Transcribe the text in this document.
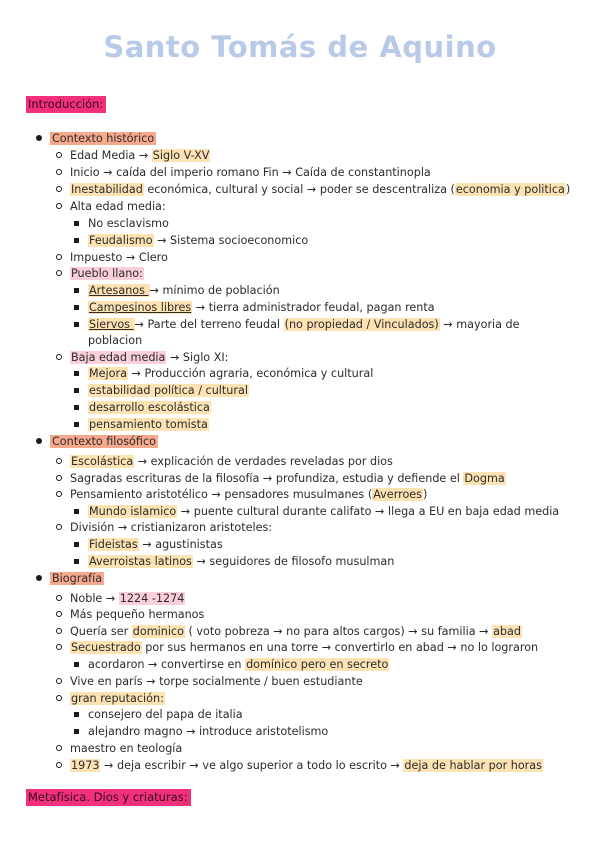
Santo Tomás de Aquino
Introducción:
Contexto histórico
Edad Media → Siglo V-XV
Inicio → caída del imperio romano Fin → Caída de constantinopla
Inestabilidad económica, cultural y social → poder se descentraliza (economia y politica)
Alta edad media:
No esclavismo
Feudalismo → Sistema socioeconomico
Impuesto → Clero
Pueblo llano:
Artesanos → mínimo de población
Campesinos libres → tierra administrador feudal, pagan renta
Siervos → Parte del terreno feudal (no propiedad / Vinculados) → mayoria de
poblacion
Baja edad media → Siglo XI:
Mejora → Producción agraria, económica y cultural
estabilidad política / cultural
desarrollo escolástica
pensamiento tomista
Contexto filosófico
Escolástica → explicación de verdades reveladas por dios
Sagradas escrituras de la filosofía → profundiza, estudia y defiende el Dogma
Pensamiento aristotélico → pensadores musulmanes (Averroes)
Mundo islamico → puente cultural durante califato → llega a EU en baja edad media
División → cristianizaron aristoteles:
Fideistas → agustinistas
Averroistas latinos → seguidores de filosofo musulman
Biografía
Noble → 1224 -1274
Más pequeño hermanos
Quería ser dominico ( voto pobreza → no para altos cargos) → su familia → abad
Secuestrado por sus hermanos en una torre → convertirlo en abad → no lo lograron
acordaron → convertirse en domínico pero en secreto
Vive en parís → torpe socialmente / buen estudiante
gran reputación:
consejero del papa de italia
alejandro magno → introduce aristotelismo
maestro en teología
1973 → deja escribir → ve algo superior a todo lo escrito → deja de hablar por horas
Metafísica. Díos y criaturas:
